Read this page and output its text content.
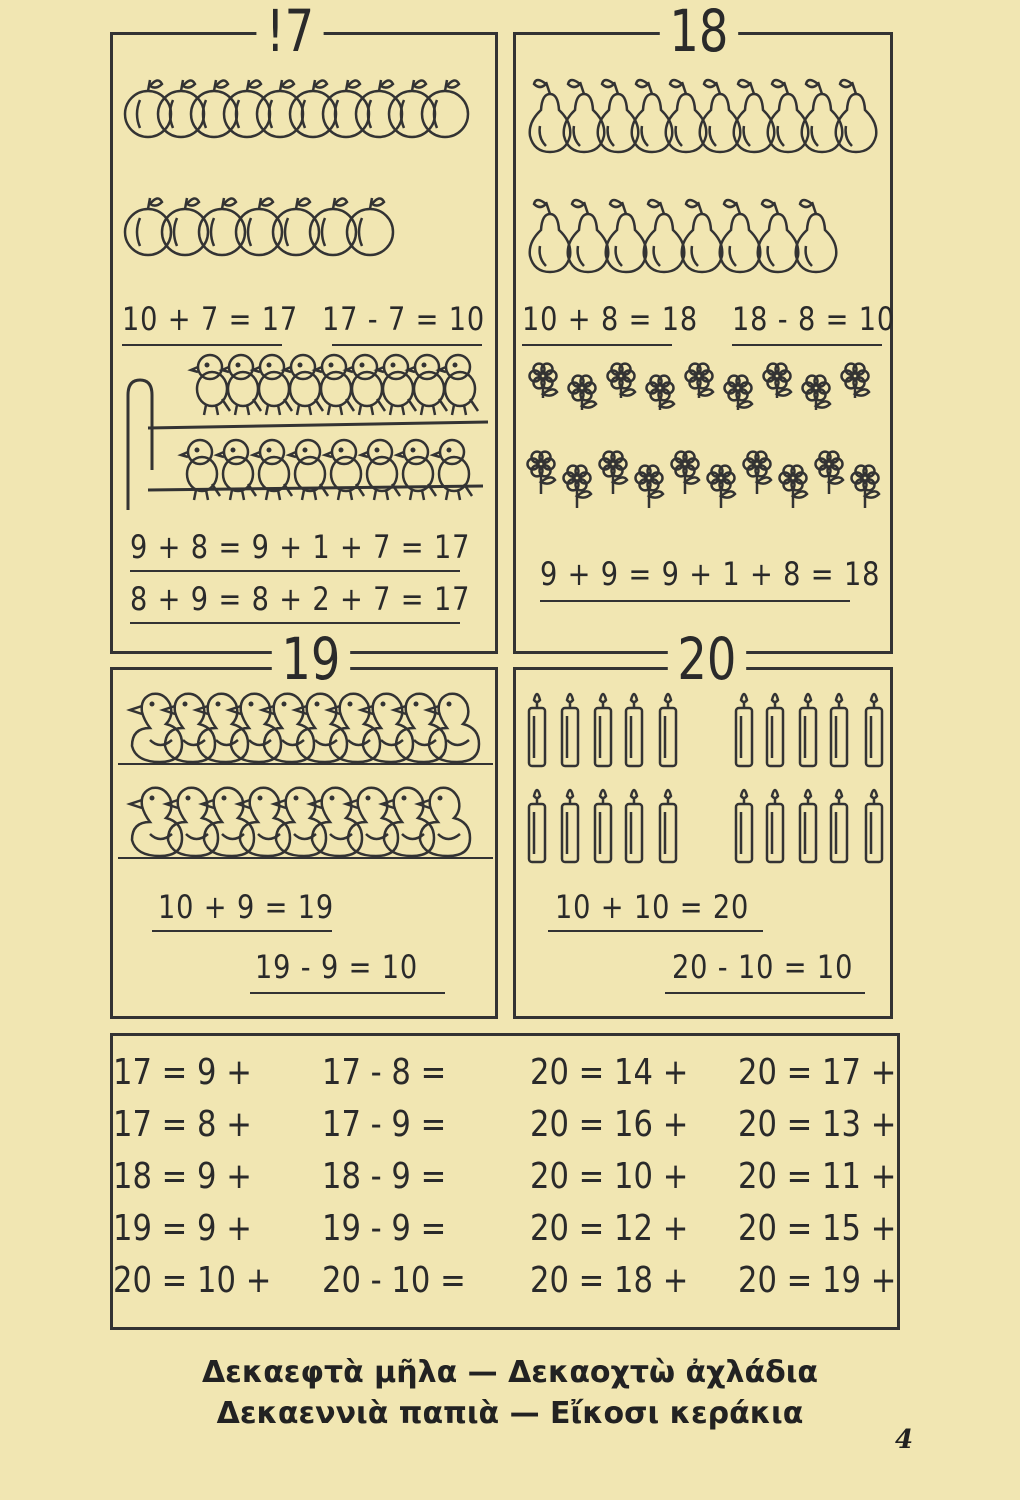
!7
10 + 7 = 17 17 - 7 = 10
9 + 8 = 9 + 1 + 7 = 17
8 + 9 = 8 + 2 + 7 = 17
18
10 + 8 = 18 18 - 8 = 10
9 + 9 = 9 + 1 + 8 = 18
19
10 + 9 = 19
19 - 9 = 10
20
10 + 10 = 20
20 - 10 = 10
17 = 9 +
17 = 8 +
18 = 9 +
19 = 9 +
20 = 10 +
17 - 8 =
17 - 9 =
18 - 9 =
19 - 9 =
20 - 10 =
20 = 14 +
20 = 16 +
20 = 10 +
20 = 12 +
20 = 18 +
20 = 17 +
20 = 13 +
20 = 11 +
20 = 15 +
20 = 19 +
Δεκαεφτὰ μῆλα — Δεκαοχτὼ ἀχλάδια
Δεκαεννιὰ παπιὰ — Εἴκοσι κεράκια
4
